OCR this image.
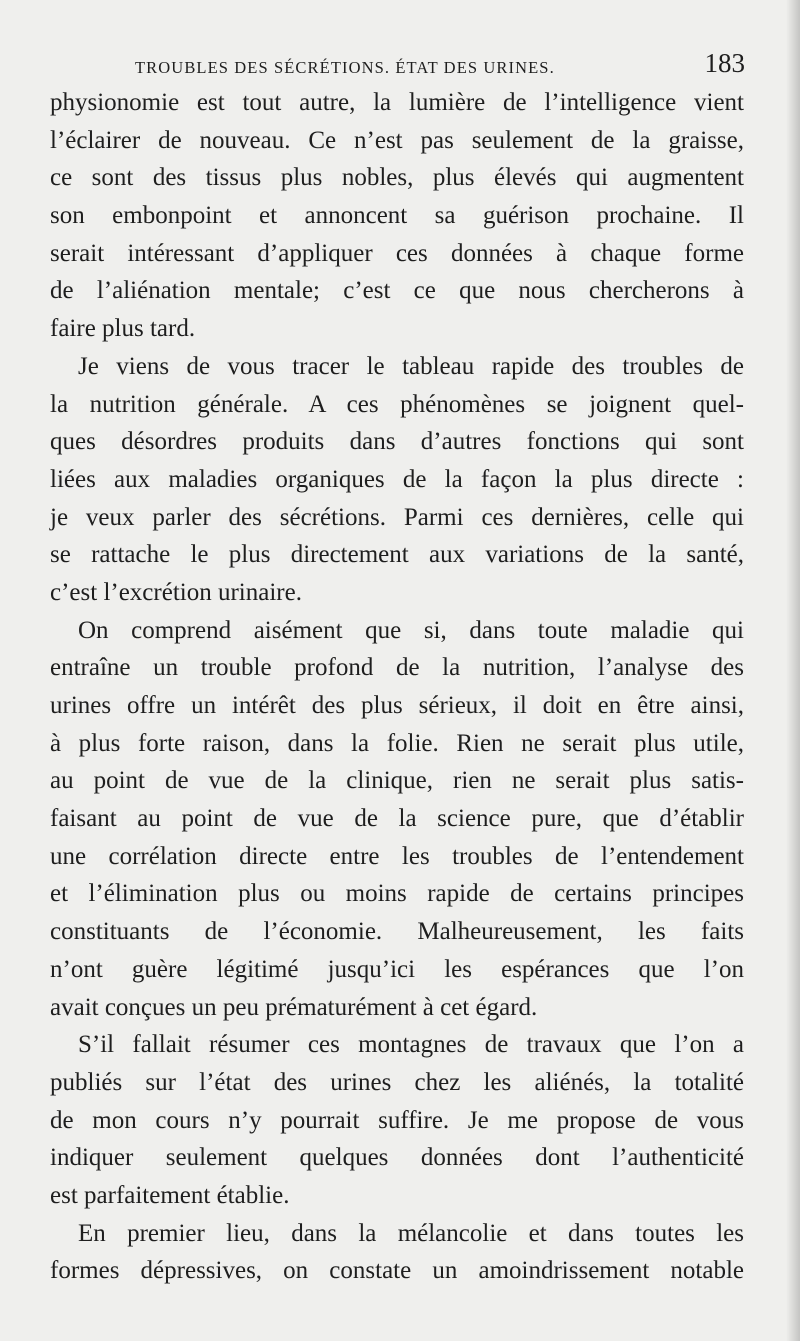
TROUBLES DES SÉCRÉTIONS. ÉTAT DES URINES.	183
physionomie est tout autre, la lumière de l’intelligence vient
l’éclairer de nouveau. Ce n’est pas seulement de la graisse,
ce sont des tissus plus nobles, plus élevés qui augmentent
son embonpoint et annoncent sa guérison prochaine. Il
serait intéressant d’appliquer ces données à chaque forme
de l’aliénation mentale; c’est ce que nous chercherons à
faire plus tard.
Je viens de vous tracer le tableau rapide des troubles de
la nutrition générale. A ces phénomènes se joignent quel-
ques désordres produits dans d’autres fonctions qui sont
liées aux maladies organiques de la façon la plus directe :
je veux parler des sécrétions. Parmi ces dernières, celle qui
se rattache le plus directement aux variations de la santé,
c’est l’excrétion urinaire.
On comprend aisément que si, dans toute maladie qui
entraîne un trouble profond de la nutrition, l’analyse des
urines offre un intérêt des plus sérieux, il doit en être ainsi,
à plus forte raison, dans la folie. Rien ne serait plus utile,
au point de vue de la clinique, rien ne serait plus satis-
faisant au point de vue de la science pure, que d’établir
une corrélation directe entre les troubles de l’entendement
et l’élimination plus ou moins rapide de certains principes
constituants de l’économie. Malheureusement, les faits
n’ont guère légitimé jusqu’ici les espérances que l’on
avait conçues un peu prématurément à cet égard.
S’il fallait résumer ces montagnes de travaux que l’on a
publiés sur l’état des urines chez les aliénés, la totalité
de mon cours n’y pourrait suffire. Je me propose de vous
indiquer seulement quelques données dont l’authenticité
est parfaitement établie.
En premier lieu, dans la mélancolie et dans toutes les
formes dépressives, on constate un amoindrissement notable
